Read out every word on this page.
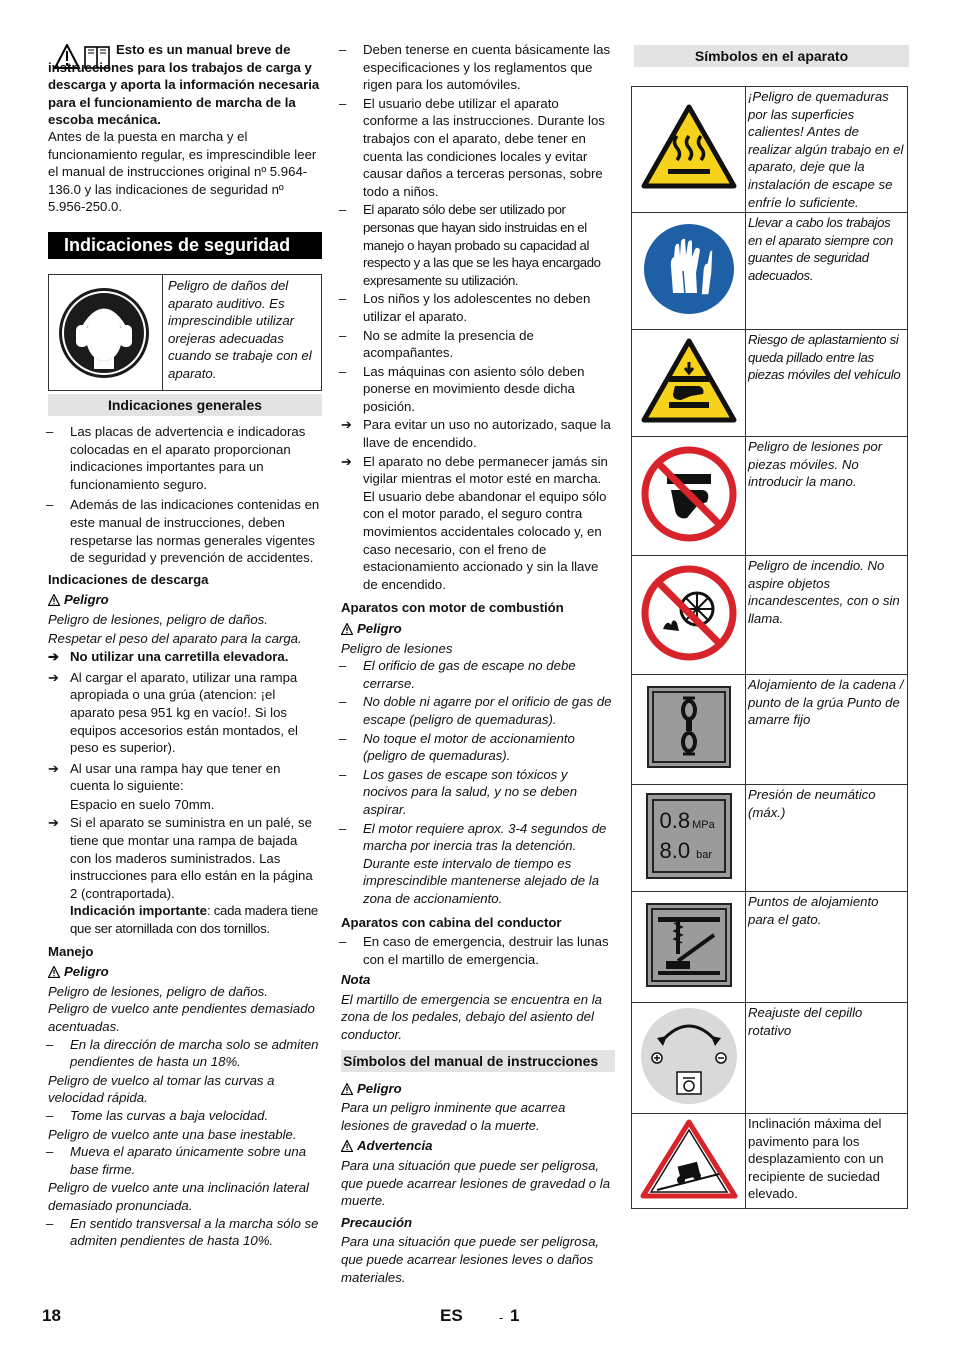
Esto es un manual breve de instrucciones para los trabajos de carga y descarga y aporta la información necesaria para el funcionamiento de marcha de la escoba mecánica.

Antes de la puesta en marcha y el funcionamiento regular, es imprescindible leer el manual de instrucciones original nº 5.964-136.0 y las indicaciones de seguridad nº 5.956-250.0.

Indicaciones de seguridad

Peligro de daños del aparato auditivo. Es imprescindible utilizar orejeras adecuadas cuando se trabaje con el aparato.

Indicaciones generales

–	Las placas de advertencia e indicadoras colocadas en el aparato proporcionan indicaciones importantes para un funcionamiento seguro.

–	Además de las indicaciones contenidas en este manual de instrucciones, deben respetarse las normas generales vigentes de seguridad y prevención de accidentes.

Indicaciones de descarga

Peligro

Peligro de lesiones, peligro de daños.

Respetar el peso del aparato para la carga.

➔ No utilizar una carretilla elevadora.

➔ Al cargar el aparato, utilizar una rampa apropiada o una grúa (atencion: ¡el aparato pesa 951 kg en vacío!. Si los equipos accesorios están montados, el peso es superior).

➔ Al usar una rampa hay que tener en cuenta lo siguiente:

Espacio en suelo 70mm.

➔ Si el aparato se suministra en un palé, se tiene que montar una rampa de bajada con los maderos suministrados. Las instrucciones para ello están en la página 2 (contraportada).

Indicación importante: cada madera tiene que ser atornillada con dos tornillos.

Manejo

Peligro

Peligro de lesiones, peligro de daños.

Peligro de vuelco ante pendientes demasiado acentuadas.

–	En la dirección de marcha solo se admiten pendientes de hasta un 18%.

Peligro de vuelco al tomar las curvas a velocidad rápida.

–	Tome las curvas a baja velocidad.

Peligro de vuelco ante una base inestable.

–	Mueva el aparato únicamente sobre una base firme.

Peligro de vuelco ante una inclinación lateral demasiado pronunciada.

–	En sentido transversal a la marcha sólo se admiten pendientes de hasta 10%.

–	Deben tenerse en cuenta básicamente las especificaciones y los reglamentos que rigen para los automóviles.

–	El usuario debe utilizar el aparato conforme a las instrucciones. Durante los trabajos con el aparato, debe tener en cuenta las condiciones locales y evitar causar daños a terceras personas, sobre todo a niños.

–	El aparato sólo debe ser utilizado por personas que hayan sido instruidas en el manejo o hayan probado su capacidad al respecto y a las que se les haya encargado expresamente su utilización.

–	Los niños y los adolescentes no deben utilizar el aparato.

–	No se admite la presencia de acompañantes.

–	Las máquinas con asiento sólo deben ponerse en movimiento desde dicha posición.

➔ Para evitar un uso no autorizado, saque la llave de encendido.

➔ El aparato no debe permanecer jamás sin vigilar mientras el motor esté en marcha. El usuario debe abandonar el equipo sólo con el motor parado, el seguro contra movimientos accidentales colocado y, en caso necesario, con el freno de estacionamiento accionado y sin la llave de encendido.

Aparatos con motor de combustión

Peligro

Peligro de lesiones

–	El orificio de gas de escape no debe cerrarse.

–	No doble ni agarre por el orificio de gas de escape (peligro de quemaduras).

–	No toque el motor de accionamiento (peligro de quemaduras).

–	Los gases de escape son tóxicos y nocivos para la salud, y no se deben aspirar.

–	El motor requiere aprox. 3-4 segundos de marcha por inercia tras la detención. Durante este intervalo de tiempo es imprescindible mantenerse alejado de la zona de accionamiento.

Aparatos con cabina del conductor

–	En caso de emergencia, destruir las lunas con el martillo de emergencia.

Nota

El martillo de emergencia se encuentra en la zona de los pedales, debajo del asiento del conductor.

Símbolos del manual de instrucciones

Peligro

Para un peligro inminente que acarrea lesiones de gravedad o la muerte.

Advertencia

Para una situación que puede ser peligrosa, que puede acarrear lesiones de gravedad o la muerte.

Precaución

Para una situación que puede ser peligrosa, que puede acarrear lesiones leves o daños materiales.

Símbolos en el aparato
	¡Peligro de quemaduras por las superficies calientes! Antes de realizar algún trabajo en el aparato, deje que la instalación de escape se enfríe lo suficiente.
	Llevar a cabo los trabajos en el aparato siempre con guantes de seguridad adecuados.
	Riesgo de aplastamiento si queda pillado entre las piezas móviles del vehículo
	Peligro de lesiones por piezas móviles. No introducir la mano.
	Peligro de incendio. No aspire objetos incandescentes, con o sin llama.
	Alojamiento de la cadena / punto de la grúa Punto de amarre fijo

0.8 MPa
8.0 bar	Presión de neumático (máx.)
	Puntos de alojamiento para el gato.
	Reajuste del cepillo rotativo
	Inclinación máxima del pavimento para los desplazamiento con un recipiente de suciedad elevado.
18	ES	- 1
